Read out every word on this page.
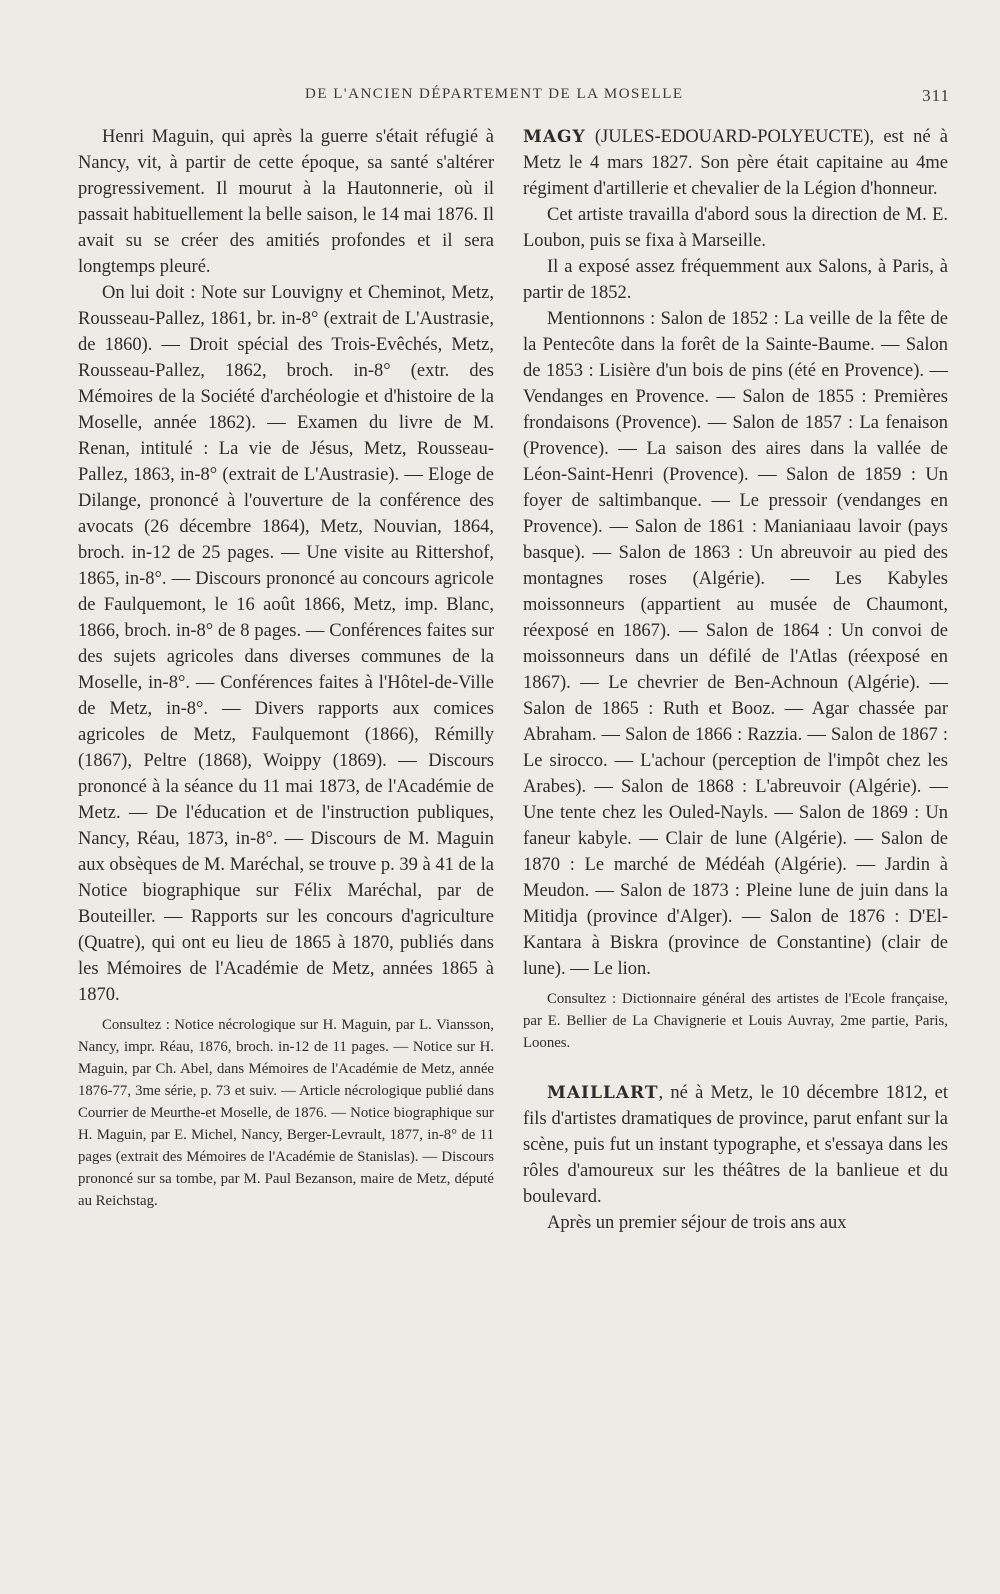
DE L'ANCIEN DÉPARTEMENT DE LA MOSELLE	311

Henri Maguin, qui après la guerre s'était réfugié à Nancy, vit, à partir de cette époque, sa santé s'altérer progressivement. Il mourut à la Hautonnerie, où il passait habituellement la belle saison, le 14 mai 1876. Il avait su se créer des amitiés profondes et il sera longtemps pleuré.

On lui doit : Note sur Louvigny et Cheminot, Metz, Rousseau-Pallez, 1861, br. in-8° (extrait de L'Austrasie, de 1860). — Droit spécial des Trois-Evêchés, Metz, Rousseau-Pallez, 1862, broch. in-8° (extr. des Mémoires de la Société d'archéologie et d'histoire de la Moselle, année 1862). — Examen du livre de M. Renan, intitulé : La vie de Jésus, Metz, Rousseau-Pallez, 1863, in-8° (extrait de L'Austrasie). — Eloge de Dilange, prononcé à l'ouverture de la conférence des avocats (26 décembre 1864), Metz, Nouvian, 1864, broch. in-12 de 25 pages. — Une visite au Rittershof, 1865, in-8°. — Discours prononcé au concours agricole de Faulquemont, le 16 août 1866, Metz, imp. Blanc, 1866, broch. in-8° de 8 pages. — Conférences faites sur des sujets agricoles dans diverses communes de la Moselle, in-8°. — Conférences faites à l'Hôtel-de-Ville de Metz, in-8°. — Divers rapports aux comices agricoles de Metz, Faulquemont (1866), Rémilly (1867), Peltre (1868), Woippy (1869). — Discours prononcé à la séance du 11 mai 1873, de l'Académie de Metz. — De l'éducation et de l'instruction publiques, Nancy, Réau, 1873, in-8°. — Discours de M. Maguin aux obsèques de M. Maréchal, se trouve p. 39 à 41 de la Notice biographique sur Félix Maréchal, par de Bouteiller. — Rapports sur les concours d'agriculture (Quatre), qui ont eu lieu de 1865 à 1870, publiés dans les Mémoires de l'Académie de Metz, années 1865 à 1870.

Consultez : Notice nécrologique sur H. Maguin, par L. Viansson, Nancy, impr. Réau, 1876, broch. in-12 de 11 pages. — Notice sur H. Maguin, par Ch. Abel, dans Mémoires de l'Académie de Metz, année 1876-77, 3me série, p. 73 et suiv. — Article nécrologique publié dans Courrier de Meurthe-et Moselle, de 1876. — Notice biographique sur H. Maguin, par E. Michel, Nancy, Berger-Levrault, 1877, in-8° de 11 pages (extrait des Mémoires de l'Académie de Stanislas). — Discours prononcé sur sa tombe, par M. Paul Bezanson, maire de Metz, député au Reichstag.

MAGY (JULES-EDOUARD-POLYEUCTE), est né à Metz le 4 mars 1827. Son père était capitaine au 4me régiment d'artillerie et chevalier de la Légion d'honneur.

Cet artiste travailla d'abord sous la direction de M. E. Loubon, puis se fixa à Marseille.

Il a exposé assez fréquemment aux Salons, à Paris, à partir de 1852.

Mentionnons : Salon de 1852 : La veille de la fête de la Pentecôte dans la forêt de la Sainte-Baume. — Salon de 1853 : Lisière d'un bois de pins (été en Provence). — Vendanges en Provence. — Salon de 1855 : Premières frondaisons (Provence). — Salon de 1857 : La fenaison (Provence). — La saison des aires dans la vallée de Léon-Saint-Henri (Provence). — Salon de 1859 : Un foyer de saltimbanque. — Le pressoir (vendanges en Provence). — Salon de 1861 : Manianiaau lavoir (pays basque). — Salon de 1863 : Un abreuvoir au pied des montagnes roses (Algérie). — Les Kabyles moissonneurs (appartient au musée de Chaumont, réexposé en 1867). — Salon de 1864 : Un convoi de moissonneurs dans un défilé de l'Atlas (réexposé en 1867). — Le chevrier de Ben-Achnoun (Algérie). — Salon de 1865 : Ruth et Booz. — Agar chassée par Abraham. — Salon de 1866 : Razzia. — Salon de 1867 : Le sirocco. — L'achour (perception de l'impôt chez les Arabes). — Salon de 1868 : L'abreuvoir (Algérie). — Une tente chez les Ouled-Nayls. — Salon de 1869 : Un faneur kabyle. — Clair de lune (Algérie). — Salon de 1870 : Le marché de Médéah (Algérie). — Jardin à Meudon. — Salon de 1873 : Pleine lune de juin dans la Mitidja (province d'Alger). — Salon de 1876 : D'El-Kantara à Biskra (province de Constantine) (clair de lune). — Le lion.

Consultez : Dictionnaire général des artistes de l'Ecole française, par E. Bellier de La Chavignerie et Louis Auvray, 2me partie, Paris, Loones.

MAILLART, né à Metz, le 10 décembre 1812, et fils d'artistes dramatiques de province, parut enfant sur la scène, puis fut un instant typographe, et s'essaya dans les rôles d'amoureux sur les théâtres de la banlieue et du boulevard.

Après un premier séjour de trois ans aux
